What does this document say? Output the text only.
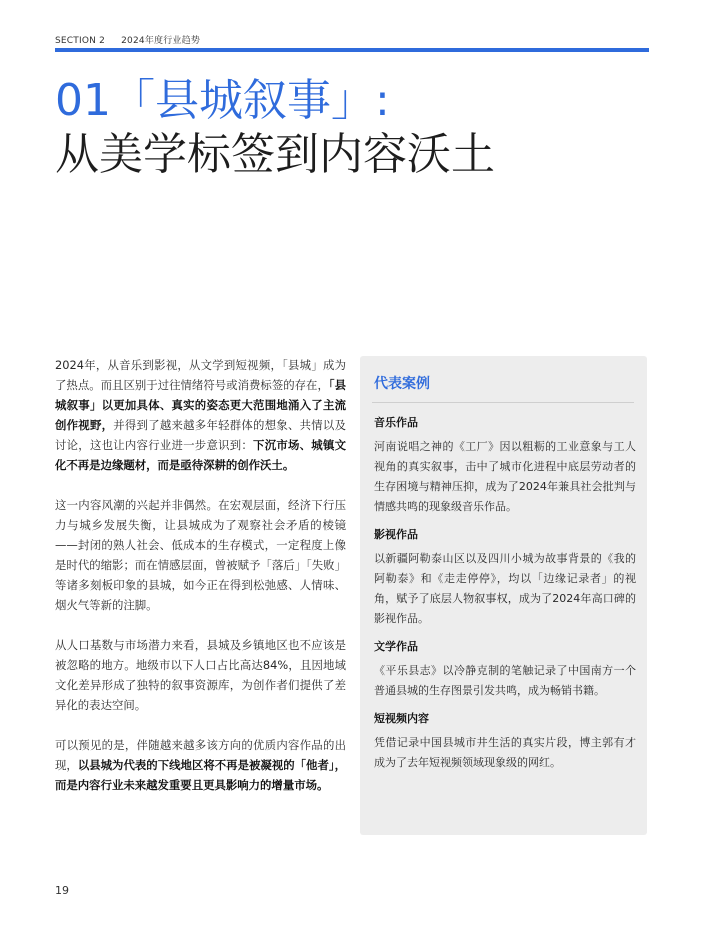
SECTION 2 2024年度行业趋势
01「县城叙事」:
从美学标签到内容沃土

2024年，从音乐到影视，从文学到短视频，「县城」成为了热点。而且区别于过往情绪符号或消费标签的存在，「县城叙事」以更加具体、真实的姿态更大范围地涌入了主流创作视野，并得到了越来越多年轻群体的想象、共情以及讨论，这也让内容行业进一步意识到：下沉市场、城镇文化不再是边缘题材，而是亟待深耕的创作沃土。

这一内容风潮的兴起并非偶然。在宏观层面，经济下行压力与城乡发展失衡，让县城成为了观察社会矛盾的棱镜——封闭的熟人社会、低成本的生存模式，一定程度上像是时代的缩影；而在情感层面，曾被赋予「落后」「失败」等诸多刻板印象的县城，如今正在得到松弛感、人情味、烟火气等新的注脚。

从人口基数与市场潜力来看，县城及乡镇地区也不应该是被忽略的地方。地级市以下人口占比高达84%，且因地域文化差异形成了独特的叙事资源库，为创作者们提供了差异化的表达空间。

可以预见的是，伴随越来越多该方向的优质内容作品的出现，以县城为代表的下线地区将不再是被凝视的「他者」，而是内容行业未来越发重要且更具影响力的增量市场。

代表案例
音乐作品
河南说唱之神的《工厂》因以粗粝的工业意象与工人视角的真实叙事，击中了城市化进程中底层劳动者的生存困境与精神压抑，成为了2024年兼具社会批判与情感共鸣的现象级音乐作品。
影视作品
以新疆阿勒泰山区以及四川小城为故事背景的《我的阿勒泰》和《走走停停》，均以「边缘记录者」的视角，赋予了底层人物叙事权，成为了2024年高口碑的影视作品。
文学作品
《平乐县志》以冷静克制的笔触记录了中国南方一个普通县城的生存图景引发共鸣，成为畅销书籍。
短视频内容
凭借记录中国县城市井生活的真实片段，博主郭有才成为了去年短视频领域现象级的网红。
19
